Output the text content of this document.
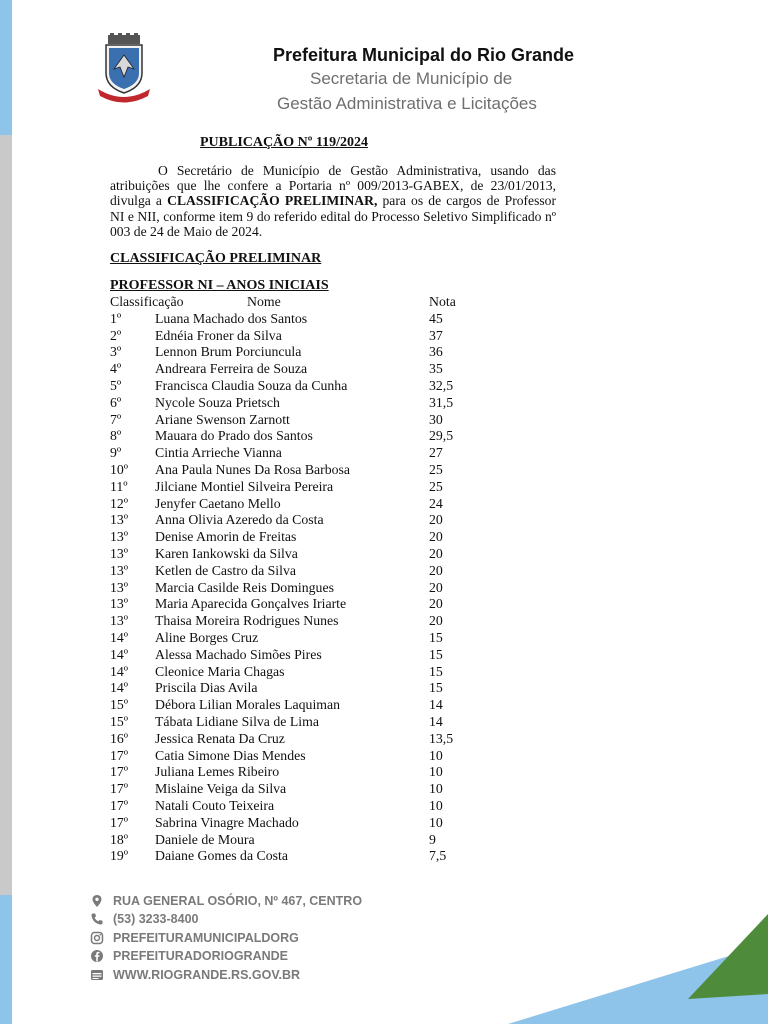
Prefeitura Municipal do Rio Grande
Secretaria de Município de
Gestão Administrativa e Licitações
PUBLICAÇÃO Nº 119/2024
O Secretário de Município de Gestão Administrativa, usando das atribuições que lhe confere a Portaria nº 009/2013-GABEX, de 23/01/2013, divulga a CLASSIFICAÇÃO PRELIMINAR, para os de cargos de Professor NI e NII, conforme item 9 do referido edital do Processo Seletivo Simplificado nº 003 de 24 de Maio de 2024.
CLASSIFICAÇÃO PRELIMINAR
PROFESSOR NI – ANOS INICIAIS
Classificação	Nome	Nota
1º Luana Machado dos Santos	45
2º Ednéia Froner da Silva	37
3º Lennon Brum Porciuncula	36
4º Andreara Ferreira de Souza	35
5º Francisca Claudia Souza da Cunha	32,5
6º Nycole Souza Prietsch	31,5
7º Ariane Swenson Zarnott	30
8º Mauara do Prado dos Santos	29,5
9º Cintia Arrieche Vianna	27
10º Ana Paula Nunes Da Rosa Barbosa	25
11º Jilciane Montiel Silveira Pereira	25
12º Jenyfer Caetano Mello	24
13º Anna Olivia Azeredo da Costa	20
13º Denise Amorin de Freitas	20
13º Karen Iankowski da Silva	20
13º Ketlen de Castro da Silva	20
13º Marcia Casilde Reis Domingues	20
13º Maria Aparecida Gonçalves Iriarte	20
13º Thaisa Moreira Rodrigues Nunes	20
14º Aline Borges Cruz	15
14º Alessa Machado Simões Pires	15
14º Cleonice Maria Chagas	15
14º Priscila Dias Avila	15
15º Débora Lilian Morales Laquiman	14
15º Tábata Lidiane Silva de Lima	14
16º Jessica Renata Da Cruz	13,5
17º Catia Simone Dias Mendes	10
17º Juliana Lemes Ribeiro	10
17º Mislaine Veiga da Silva	10
17º Natali Couto Teixeira	10
17º Sabrina Vinagre Machado	10
18º Daniele de Moura	9
19º Daiane Gomes da Costa	7,5
RUA GENERAL OSÓRIO, Nº 467, CENTRO
(53) 3233-8400
PREFEITURAMUNICIPALDORG
PREFEITURADORIOGRANDE
WWW.RIOGRANDE.RS.GOV.BR
